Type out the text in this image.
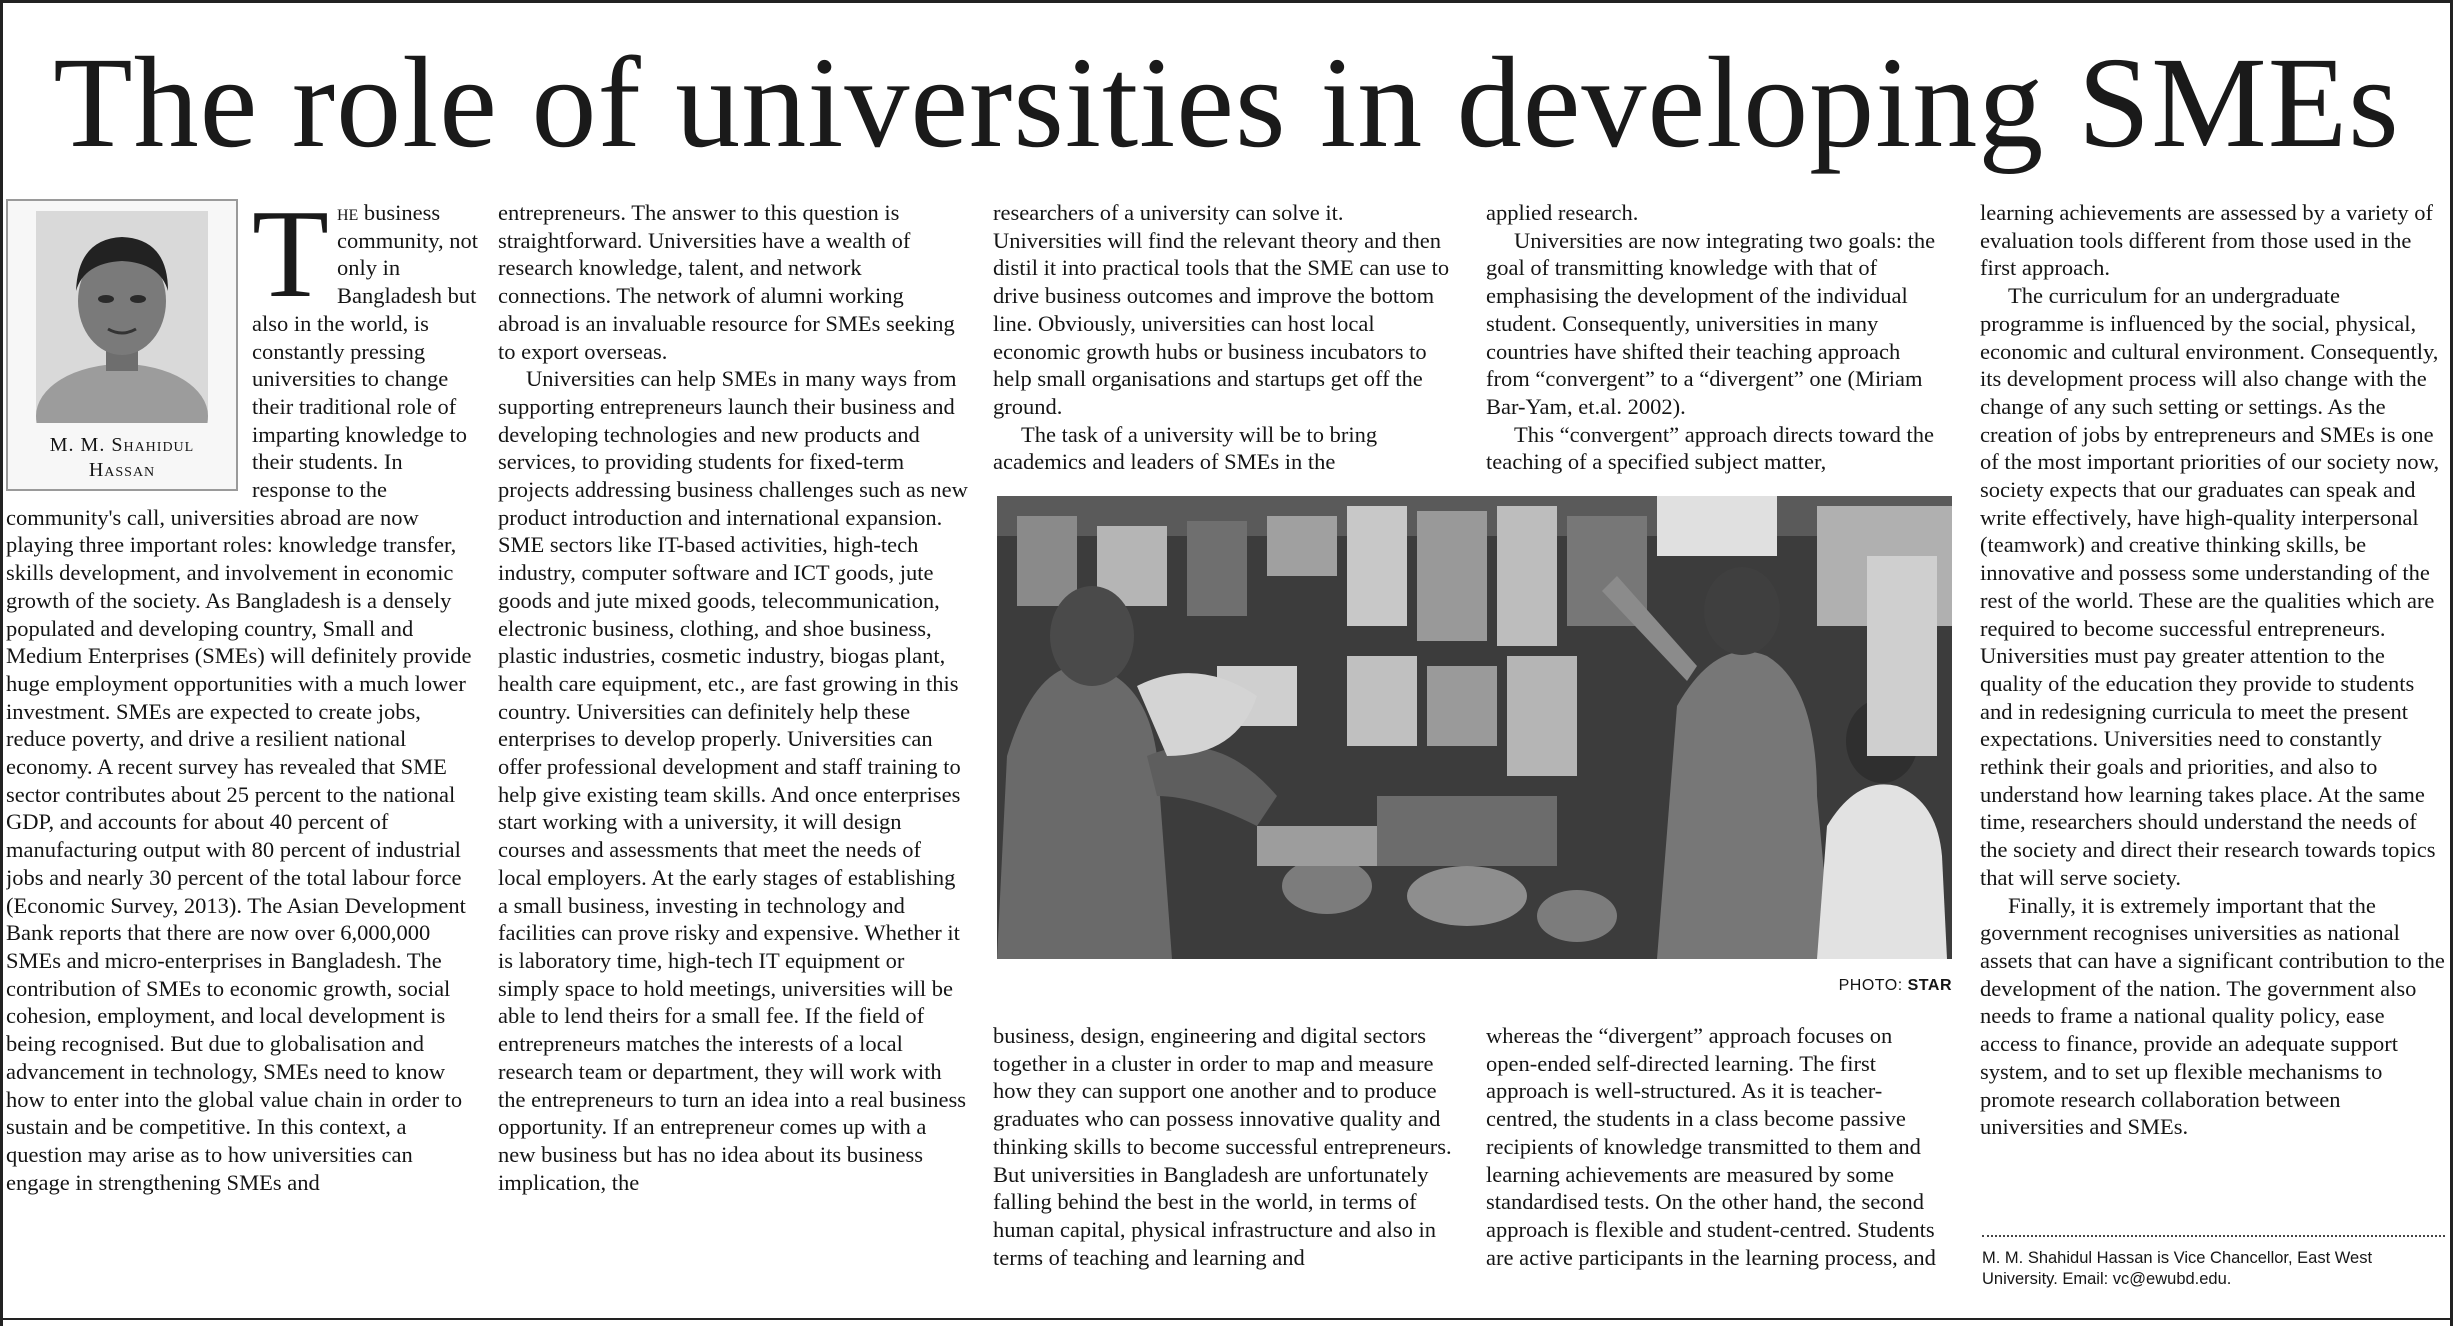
The role of universities in developing SMEs
M. M. Shahidul
Hassan

The business community, not only in Bangladesh but also in the world, is constantly pressing universities to change their traditional role of imparting knowledge to their students. In response to the community's call, universities abroad are now playing three important roles: knowledge transfer, skills development, and involvement in economic growth of the society. As Bangladesh is a densely populated and developing country, Small and Medium Enterprises (SMEs) will definitely provide huge employment opportunities with a much lower investment. SMEs are expected to create jobs, reduce poverty, and drive a resilient national economy. A recent survey has revealed that SME sector contributes about 25 percent to the national GDP, and accounts for about 40 percent of manufacturing output with 80 percent of industrial jobs and nearly 30 percent of the total labour force (Economic Survey, 2013). The Asian Development Bank reports that there are now over 6,000,000 SMEs and micro-enterprises in Bangladesh. The contribution of SMEs to economic growth, social cohesion, employment, and local development is being recognised. But due to globalisation and advancement in technology, SMEs need to know how to enter into the global value chain in order to sustain and be competitive. In this context, a question may arise as to how universities can engage in strengthening SMEs and

entrepreneurs. The answer to this question is straightforward. Universities have a wealth of research knowledge, talent, and network connections. The network of alumni working abroad is an invaluable resource for SMEs seeking to export overseas.

Universities can help SMEs in many ways from supporting entrepreneurs launch their business and developing technologies and new products and services, to providing students for fixed-term projects addressing business challenges such as new product introduction and international expansion. SME sectors like IT-based activities, high-tech industry, computer software and ICT goods, jute goods and jute mixed goods, telecommunication, electronic business, clothing, and shoe business, plastic industries, cosmetic industry, biogas plant, health care equipment, etc., are fast growing in this country. Universities can definitely help these enterprises to develop properly. Universities can offer professional development and staff training to help give existing team skills. And once enterprises start working with a university, it will design courses and assessments that meet the needs of local employers. At the early stages of establishing a small business, investing in technology and facilities can prove risky and expensive. Whether it is laboratory time, high-tech IT equipment or simply space to hold meetings, universities will be able to lend theirs for a small fee. If the field of entrepreneurs matches the interests of a local research team or department, they will work with the entrepreneurs to turn an idea into a real business opportunity. If an entrepreneur comes up with a new business but has no idea about its business implication, the

researchers of a university can solve it. Universities will find the relevant theory and then distil it into practical tools that the SME can use to drive business outcomes and improve the bottom line. Obviously, universities can host local economic growth hubs or business incubators to help small organisations and startups get off the ground.

The task of a university will be to bring academics and leaders of SMEs in the

applied research.

Universities are now integrating two goals: the goal of transmitting knowledge with that of emphasising the development of the individual student. Consequently, universities in many countries have shifted their teaching approach from “convergent” to a “divergent” one (Miriam Bar-Yam, et.al. 2002).

This “convergent” approach directs toward the teaching of a specified subject matter,

PHOTO: STAR

business, design, engineering and digital sectors together in a cluster in order to map and measure how they can support one another and to produce graduates who can possess innovative quality and thinking skills to become successful entrepreneurs. But universities in Bangladesh are unfortunately falling behind the best in the world, in terms of human capital, physical infrastructure and also in terms of teaching and learning and

whereas the “divergent” approach focuses on open-ended self-directed learning. The first approach is well-structured. As it is teacher-centred, the students in a class become passive recipients of knowledge transmitted to them and learning achievements are measured by some standardised tests. On the other hand, the second approach is flexible and student-centred. Students are active participants in the learning process, and

learning achievements are assessed by a variety of evaluation tools different from those used in the first approach.

The curriculum for an undergraduate programme is influenced by the social, physical, economic and cultural environment. Consequently, its development process will also change with the change of any such setting or settings. As the creation of jobs by entrepreneurs and SMEs is one of the most important priorities of our society now, society expects that our graduates can speak and write effectively, have high-quality interpersonal (teamwork) and creative thinking skills, be innovative and possess some understanding of the rest of the world. These are the qualities which are required to become successful entrepreneurs. Universities must pay greater attention to the quality of the education they provide to students and in redesigning curricula to meet the present expectations. Universities need to constantly rethink their goals and priorities, and also to understand how learning takes place. At the same time, researchers should understand the needs of the society and direct their research towards topics that will serve society.

Finally, it is extremely important that the government recognises universities as national assets that can have a significant contribution to the development of the nation. The government also needs to frame a national quality policy, ease access to finance, provide an adequate support system, and to set up flexible mechanisms to promote research collaboration between universities and SMEs.

M. M. Shahidul Hassan is Vice Chancellor, East West University. Email: vc@ewubd.edu.
